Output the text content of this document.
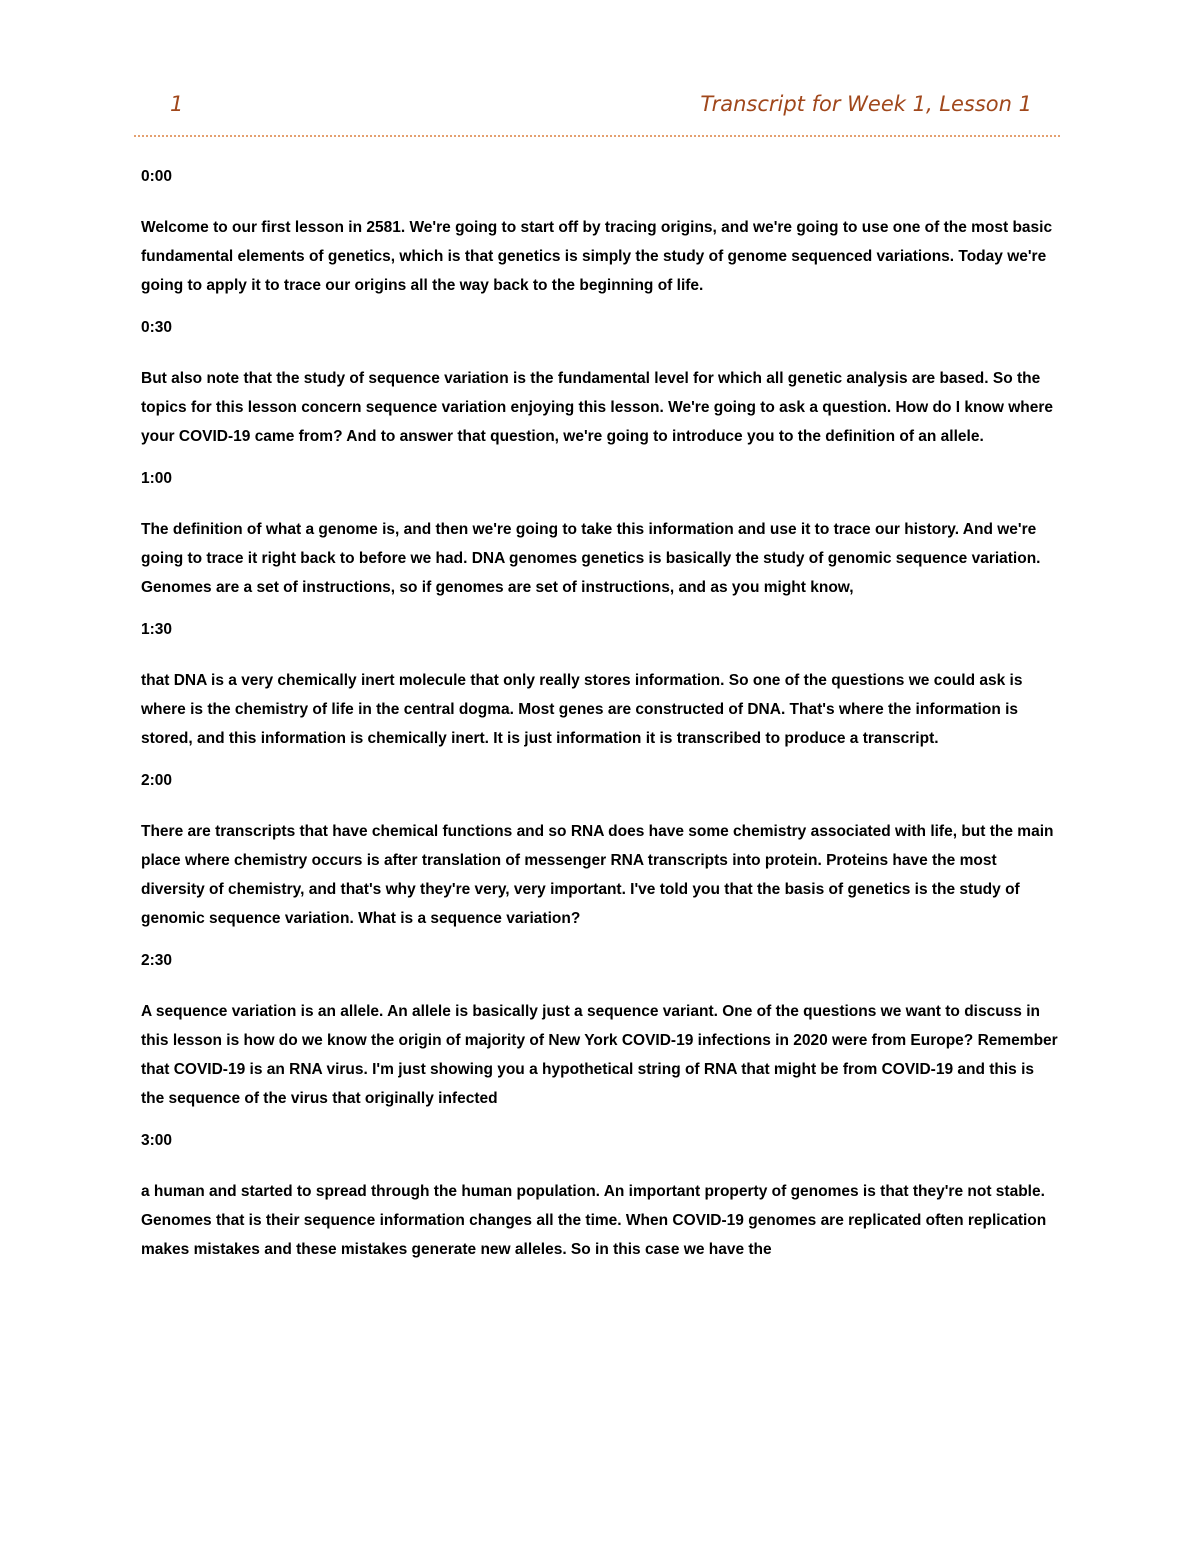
1	Transcript for Week 1, Lesson 1

0:00

Welcome to our first lesson in 2581. We're going to start off by tracing origins, and we're going to use one of the most basic fundamental elements of genetics, which is that genetics is simply the study of genome sequenced variations. Today we're going to apply it to trace our origins all the way back to the beginning of life.

0:30

But also note that the study of sequence variation is the fundamental level for which all genetic analysis are based. So the topics for this lesson concern sequence variation enjoying this lesson. We're going to ask a question. How do I know where your COVID-19 came from? And to answer that question, we're going to introduce you to the definition of an allele.

1:00

The definition of what a genome is, and then we're going to take this information and use it to trace our history. And we're going to trace it right back to before we had. DNA genomes genetics is basically the study of genomic sequence variation. Genomes are a set of instructions, so if genomes are set of instructions, and as you might know,

1:30

that DNA is a very chemically inert molecule that only really stores information. So one of the questions we could ask is where is the chemistry of life in the central dogma. Most genes are constructed of DNA. That's where the information is stored, and this information is chemically inert. It is just information it is transcribed to produce a transcript.

2:00

There are transcripts that have chemical functions and so RNA does have some chemistry associated with life, but the main place where chemistry occurs is after translation of messenger RNA transcripts into protein. Proteins have the most diversity of chemistry, and that's why they're very, very important. I've told you that the basis of genetics is the study of genomic sequence variation. What is a sequence variation?

2:30

A sequence variation is an allele. An allele is basically just a sequence variant. One of the questions we want to discuss in this lesson is how do we know the origin of majority of New York COVID-19 infections in 2020 were from Europe? Remember that COVID-19 is an RNA virus. I'm just showing you a hypothetical string of RNA that might be from COVID-19 and this is the sequence of the virus that originally infected

3:00

a human and started to spread through the human population. An important property of genomes is that they're not stable. Genomes that is their sequence information changes all the time. When COVID-19 genomes are replicated often replication makes mistakes and these mistakes generate new alleles. So in this case we have the
